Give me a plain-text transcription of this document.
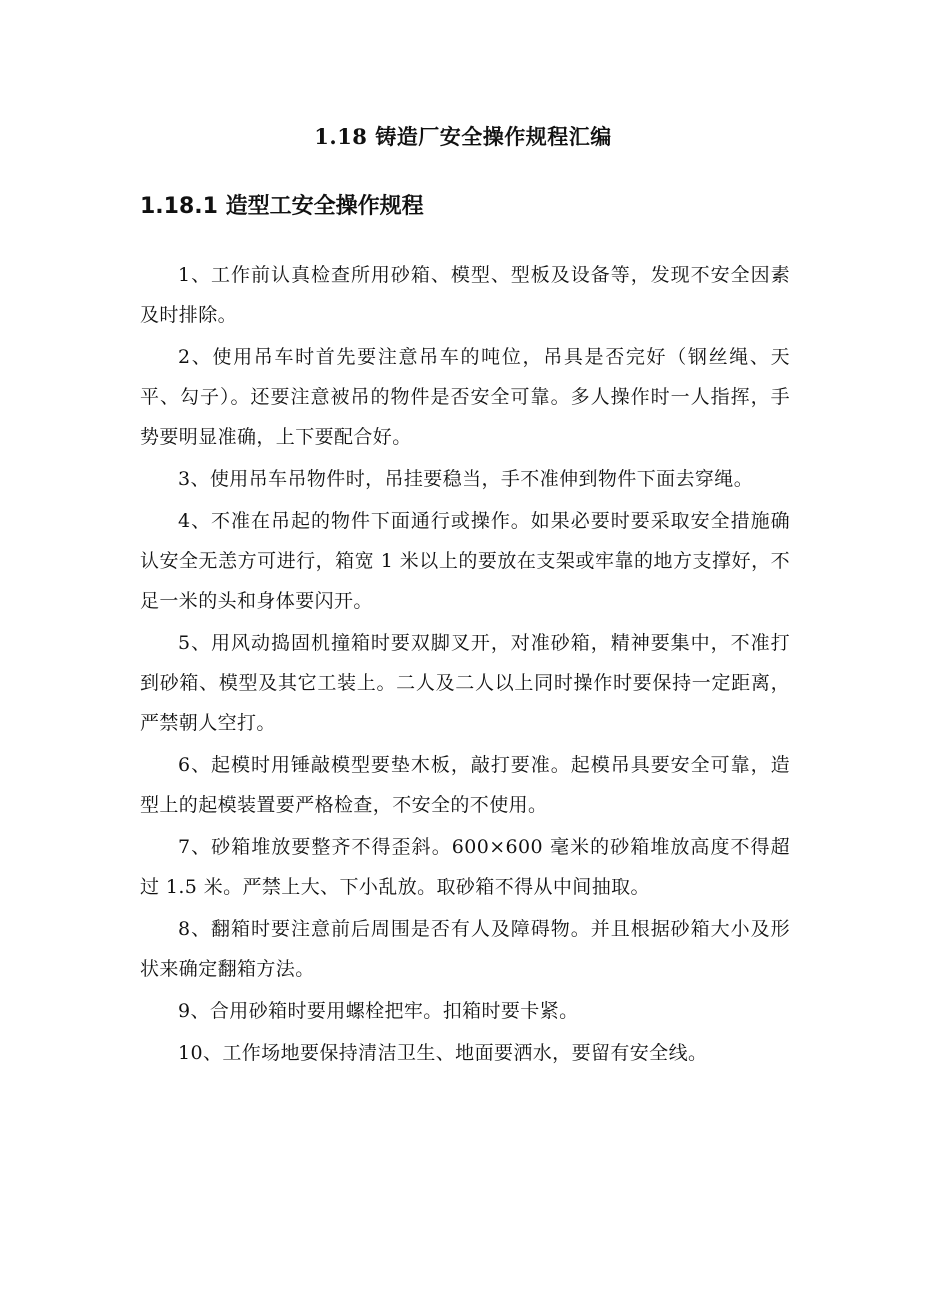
1.18 铸造厂安全操作规程汇编
1.18.1 造型工安全操作规程

1、工作前认真检查所用砂箱、模型、型板及设备等，发现不安全因素及时排除。

2、使用吊车时首先要注意吊车的吨位，吊具是否完好（钢丝绳、天平、勾子）。还要注意被吊的物件是否安全可靠。多人操作时一人指挥，手势要明显准确，上下要配合好。

3、使用吊车吊物件时，吊挂要稳当，手不准伸到物件下面去穿绳。

4、不准在吊起的物件下面通行或操作。如果必要时要采取安全措施确认安全无恙方可进行，箱宽 1 米以上的要放在支架或牢靠的地方支撑好，不足一米的头和身体要闪开。

5、用风动捣固机撞箱时要双脚叉开，对准砂箱，精神要集中，不准打到砂箱、模型及其它工装上。二人及二人以上同时操作时要保持一定距离，严禁朝人空打。

6、起模时用锤敲模型要垫木板，敲打要准。起模吊具要安全可靠，造型上的起模装置要严格检查，不安全的不使用。

7、砂箱堆放要整齐不得歪斜。600×600 毫米的砂箱堆放高度不得超过 1.5 米。严禁上大、下小乱放。取砂箱不得从中间抽取。

8、翻箱时要注意前后周围是否有人及障碍物。并且根据砂箱大小及形状来确定翻箱方法。

9、合用砂箱时要用螺栓把牢。扣箱时要卡紧。

10、工作场地要保持清洁卫生、地面要洒水，要留有安全线。
